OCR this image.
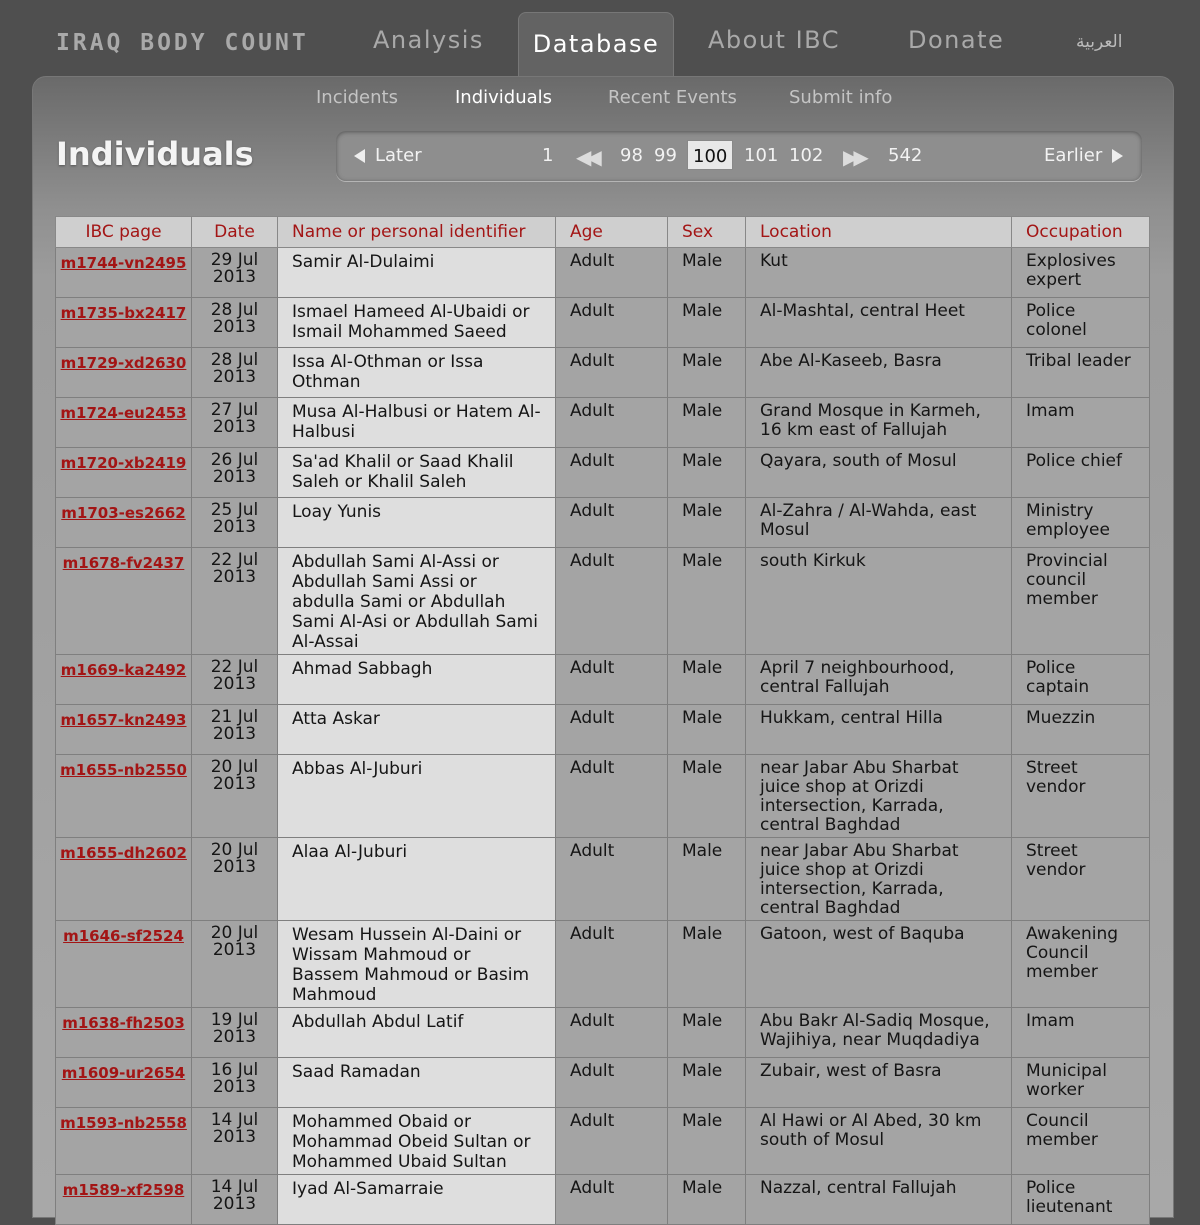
IRAQ BODY COUNT	Analysis	Database	About IBC	Donate	العربية
Incidents	Individuals	Recent Events	Submit info
Individuals	Later	1 ◀◀ 98 99 100 101 102 ▶▶ 542	Earlier
IBC page	Date	Name or personal identifier	Age	Sex	Location	Occupation
m1744-vn2495	29 Jul 2013	Samir Al-Dulaimi	Adult	Male	Kut	Explosives expert
m1735-bx2417	28 Jul 2013	Ismael Hameed Al-Ubaidi or Ismail Mohammed Saeed	Adult	Male	Al-Mashtal, central Heet	Police colonel
m1729-xd2630	28 Jul 2013	Issa Al-Othman or Issa Othman	Adult	Male	Abe Al-Kaseeb, Basra	Tribal leader
m1724-eu2453	27 Jul 2013	Musa Al-Halbusi or Hatem Al-Halbusi	Adult	Male	Grand Mosque in Karmeh, 16 km east of Fallujah	Imam
m1720-xb2419	26 Jul 2013	Sa'ad Khalil or Saad Khalil Saleh or Khalil Saleh	Adult	Male	Qayara, south of Mosul	Police chief
m1703-es2662	25 Jul 2013	Loay Yunis	Adult	Male	Al-Zahra / Al-Wahda, east Mosul	Ministry employee
m1678-fv2437	22 Jul 2013	Abdullah Sami Al-Assi or Abdullah Sami Assi or abdulla Sami or Abdullah Sami Al-Asi or Abdullah Sami Al-Assai	Adult	Male	south Kirkuk	Provincial council member
m1669-ka2492	22 Jul 2013	Ahmad Sabbagh	Adult	Male	April 7 neighbourhood, central Fallujah	Police captain
m1657-kn2493	21 Jul 2013	Atta Askar	Adult	Male	Hukkam, central Hilla	Muezzin
m1655-nb2550	20 Jul 2013	Abbas Al-Juburi	Adult	Male	near Jabar Abu Sharbat juice shop at Orizdi intersection, Karrada, central Baghdad	Street vendor
m1655-dh2602	20 Jul 2013	Alaa Al-Juburi	Adult	Male	near Jabar Abu Sharbat juice shop at Orizdi intersection, Karrada, central Baghdad	Street vendor
m1646-sf2524	20 Jul 2013	Wesam Hussein Al-Daini or Wissam Mahmoud or Bassem Mahmoud or Basim Mahmoud	Adult	Male	Gatoon, west of Baquba	Awakening Council member
m1638-fh2503	19 Jul 2013	Abdullah Abdul Latif	Adult	Male	Abu Bakr Al-Sadiq Mosque, Wajihiya, near Muqdadiya	Imam
m1609-ur2654	16 Jul 2013	Saad Ramadan	Adult	Male	Zubair, west of Basra	Municipal worker
m1593-nb2558	14 Jul 2013	Mohammed Obaid or Mohammad Obeid Sultan or Mohammed Ubaid Sultan	Adult	Male	Al Hawi or Al Abed, 30 km south of Mosul	Council member
m1589-xf2598	14 Jul 2013	Iyad Al-Samarraie	Adult	Male	Nazzal, central Fallujah	Police lieutenant
